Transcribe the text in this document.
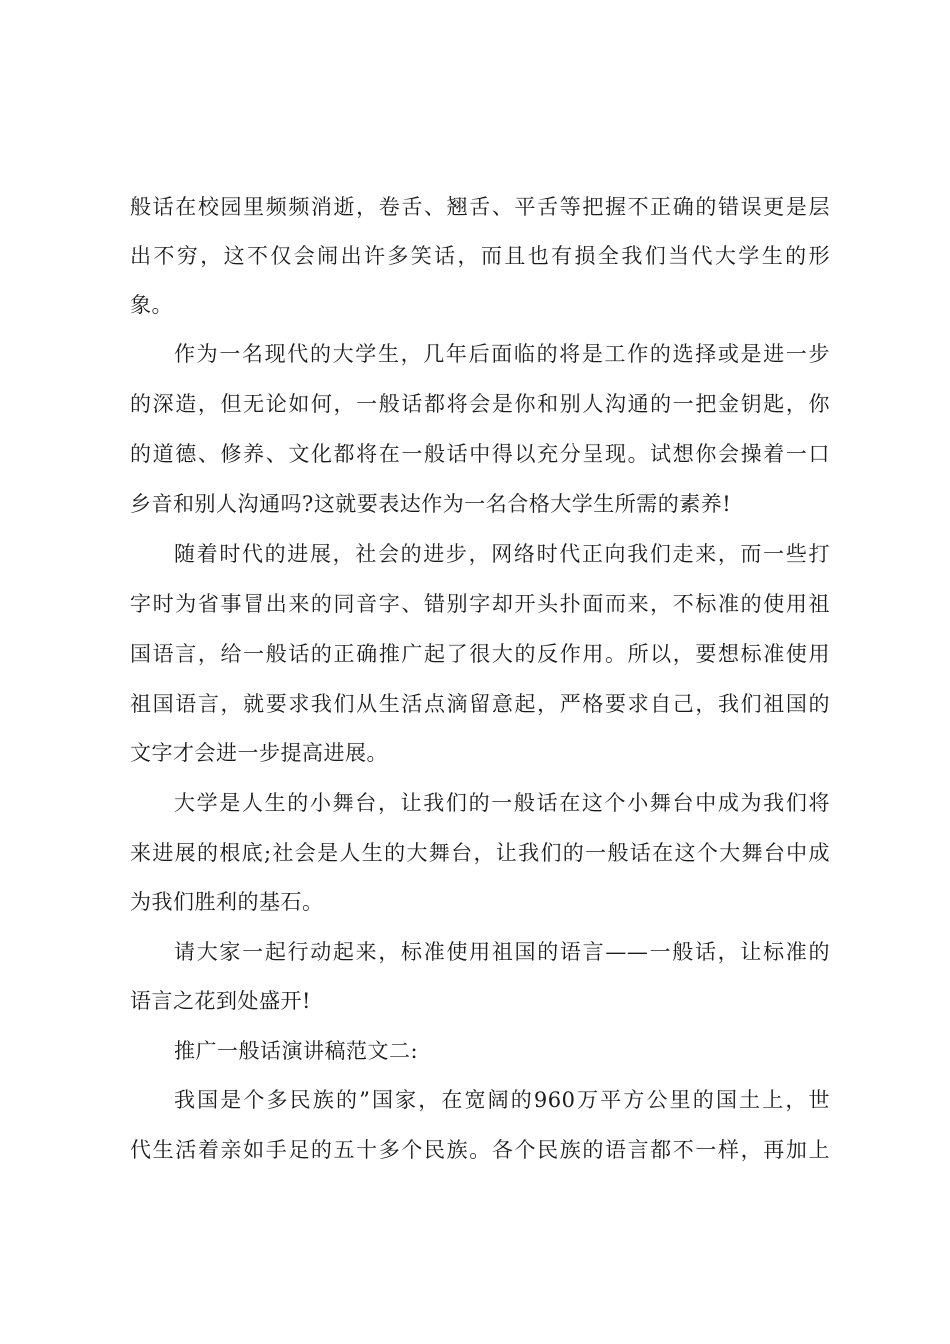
般话在校园里频频消逝，卷舌、翘舌、平舌等把握不正确的错误更是层
出不穷，这不仅会闹出许多笑话，而且也有损全我们当代大学生的形
象。
作为一名现代的大学生，几年后面临的将是工作的选择或是进一步
的深造，但无论如何，一般话都将会是你和别人沟通的一把金钥匙，你
的道德、修养、文化都将在一般话中得以充分呈现。试想你会操着一口
乡音和别人沟通吗?这就要表达作为一名合格大学生所需的素养!
随着时代的进展，社会的进步，网络时代正向我们走来，而一些打
字时为省事冒出来的同音字、错别字却开头扑面而来，不标准的使用祖
国语言，给一般话的正确推广起了很大的反作用。所以，要想标准使用
祖国语言，就要求我们从生活点滴留意起，严格要求自己，我们祖国的
文字才会进一步提高进展。
大学是人生的小舞台，让我们的一般话在这个小舞台中成为我们将
来进展的根底;社会是人生的大舞台，让我们的一般话在这个大舞台中成
为我们胜利的基石。
请大家一起行动起来，标准使用祖国的语言——一般话，让标准的
语言之花到处盛开!
推广一般话演讲稿范文二:
我国是个多民族的”国家，在宽阔的960万平方公里的国土上，世
代生活着亲如手足的五十多个民族。各个民族的语言都不一样，再加上
